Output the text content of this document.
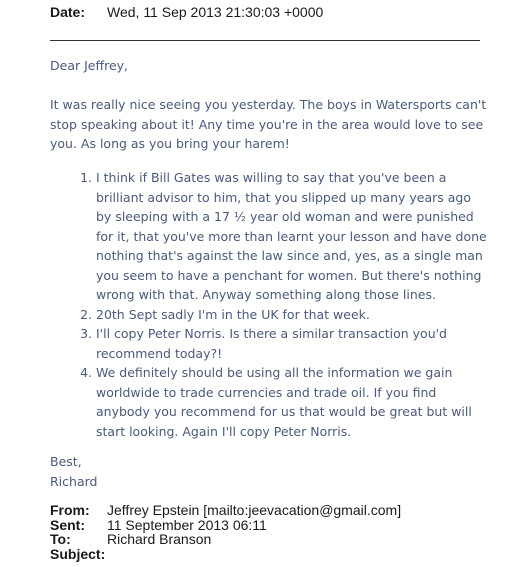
Date: Wed, 11 Sep 2013 21:30:03 +0000

Dear Jeffrey,

It was really nice seeing you yesterday. The boys in Watersports can't stop speaking about it! Any time you're in the area would love to see you. As long as you bring your harem!

1. I think if Bill Gates was willing to say that you've been a brilliant advisor to him, that you slipped up many years ago by sleeping with a 17 ½ year old woman and were punished for it, that you've more than learnt your lesson and have done nothing that's against the law since and, yes, as a single man you seem to have a penchant for women. But there's nothing wrong with that. Anyway something along those lines.
2. 20th Sept sadly I'm in the UK for that week.
3. I'll copy Peter Norris. Is there a similar transaction you'd recommend today?!
4. We definitely should be using all the information we gain worldwide to trade currencies and trade oil. If you find anybody you recommend for us that would be great but will start looking. Again I'll copy Peter Norris.

Best,

Richard

From: Jeffrey Epstein [mailto:jeevacation@gmail.com]
Sent: 11 September 2013 06:11
To:	Richard Branson
Subject:
